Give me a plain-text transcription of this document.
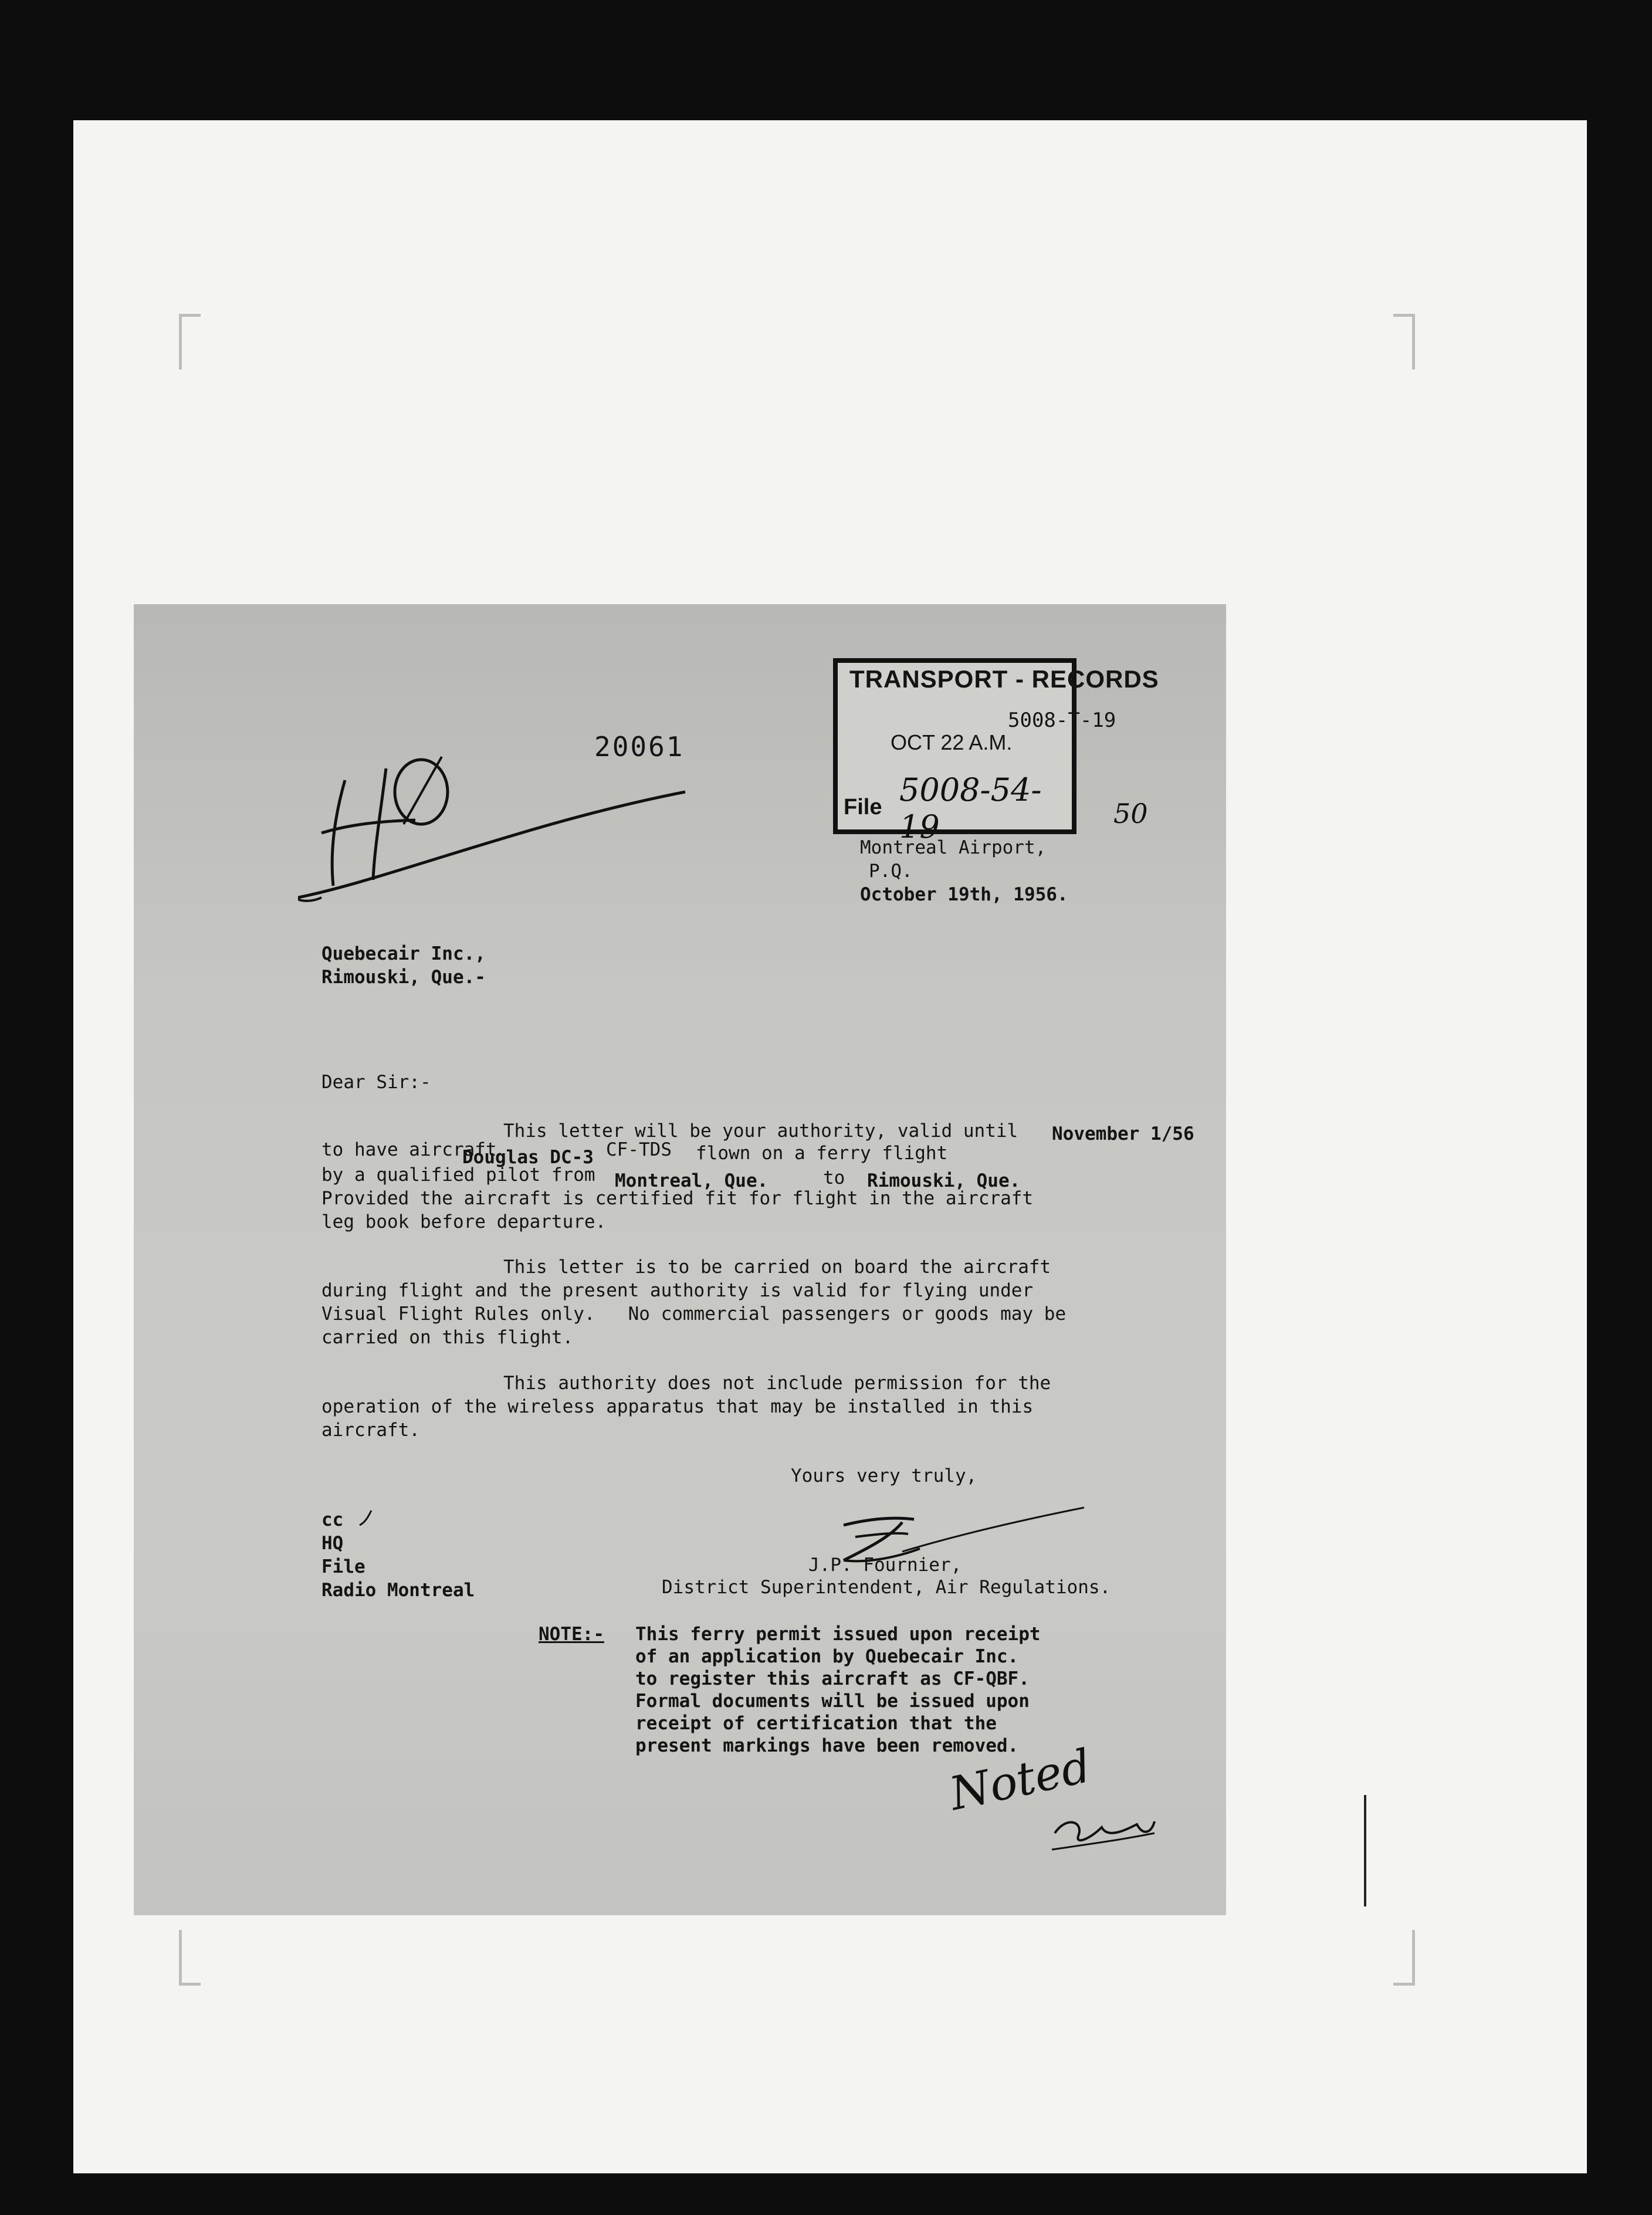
20061
TRANSPORT - RECORDS
OCT 22 A.M.
File 5008-54-19
5008-T-19
50
Montreal Airport,
P.Q.
October 19th, 1956.
Quebecair Inc.,
Rimouski, Que.-
Dear Sir:-
This letter will be your authority, valid until November 1/56
to have aircraft
Douglas DC-3 CF-TDS flown on a ferry flight
by a qualified pilot from Montreal, Que.	to Rimouski, Que.
Provided the aircraft is certified fit for flight in the aircraft
leg book before departure.
This letter is to be carried on board the aircraft
during flight and the present authority is valid for flying under
Visual Flight Rules only.   No commercial passengers or goods may be
carried on this flight.
This authority does not include permission for the
operation of the wireless apparatus that may be installed in this
aircraft.
Yours very truly,
J.P. Fournier,
District Superintendent, Air Regulations.
cc
HQ
File
Radio Montreal
NOTE:- This ferry permit issued upon receipt
of an application by Quebecair Inc.
to register this aircraft as CF-QBF.
Formal documents will be issued upon
receipt of certification that the
present markings have been removed.
Noted
